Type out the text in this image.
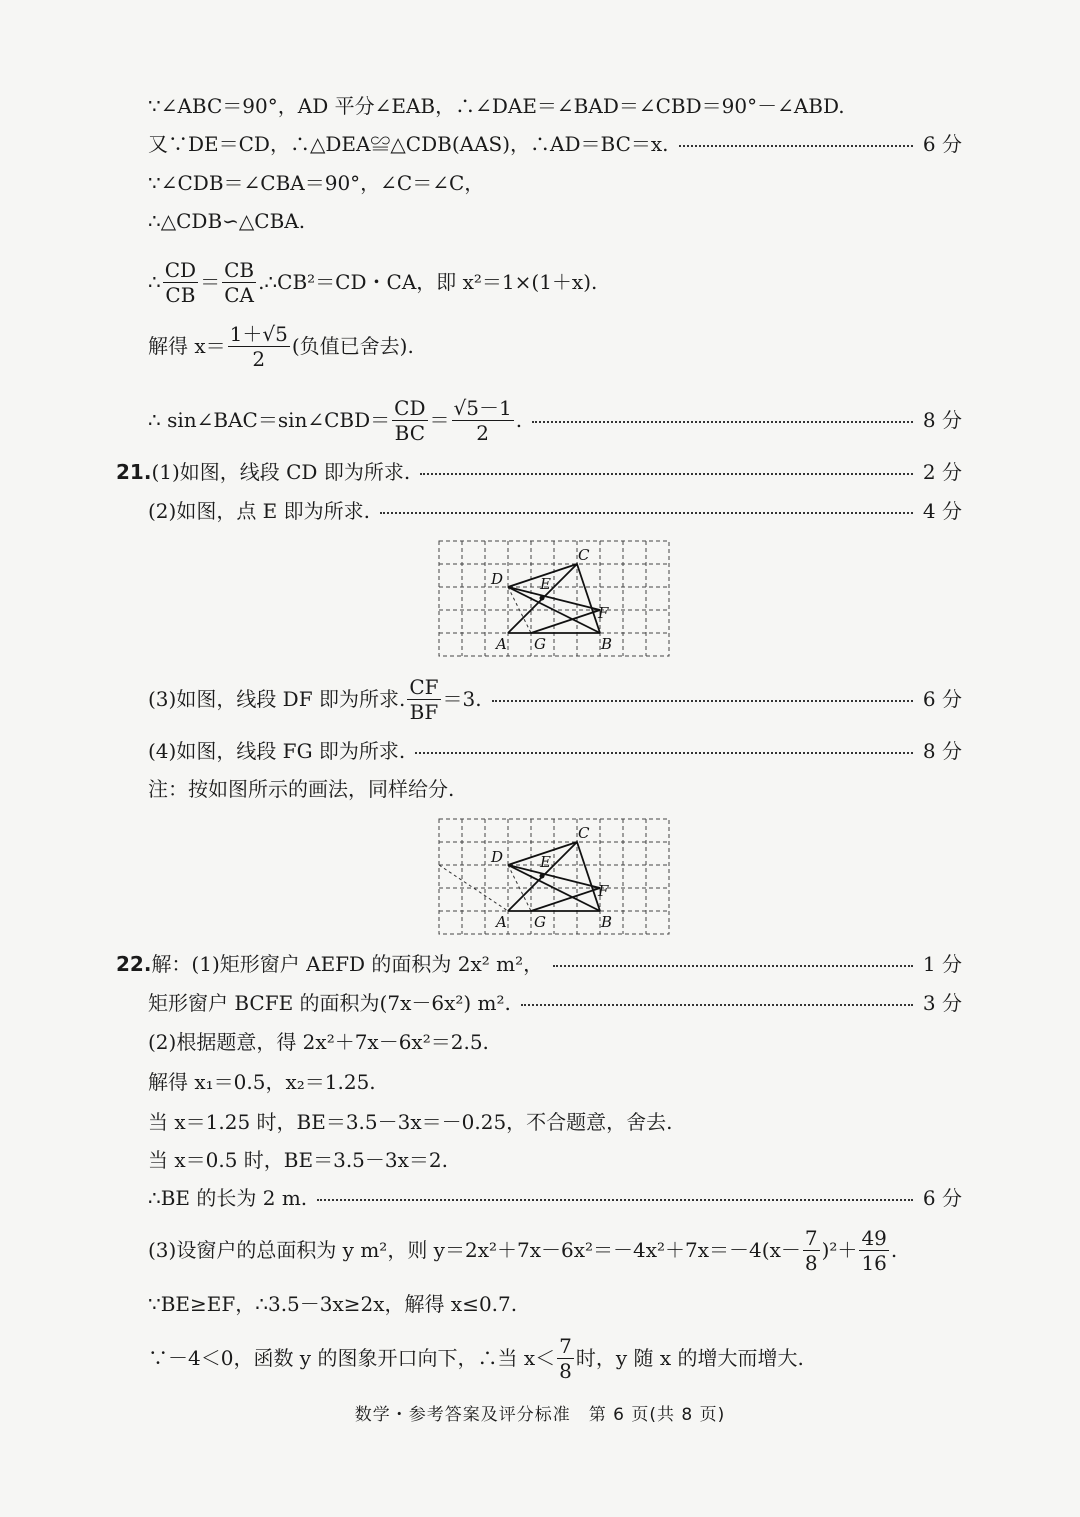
∵∠ABC＝90°，AD 平分∠EAB，∴∠DAE＝∠BAD＝∠CBD＝90°－∠ABD.
又∵DE＝CD，∴△DEA≌△CDB(AAS)，∴AD＝BC＝x.	6 分
∵∠CDB＝∠CBA＝90°，∠C＝∠C，
∴△CDB∽△CBA.
∴ $\frac{CD}{CB} = \frac{CB}{CA}$ .∴CB²＝CD・CA，即 x²＝1×(1＋x).
解得 $x= \frac{1+√5}{2}$ (负值已舍去).
∴ sin∠BAC＝sin∠CBD＝ $\frac{CD}{BC} = \frac{√5-1}{2}$ .	8 分
21. (1)如图，线段 CD 即为所求.	2 分
(2)如图，点 E 即为所求.	4 分
C
D E
F
A G	B
(3)如图，线段 DF 即为所求. $\frac{CF}{BF} =3$.	6 分
(4)如图，线段 FG 即为所求.	8 分
注：按如图所示的画法，同样给分.
C
D E
F
A G	B
22. 解：(1)矩形窗户 AEFD 的面积为 2x² m²，	1 分
矩形窗户 BCFE 的面积为(7x－6x²) m².	3 分
(2)根据题意，得 2x²＋7x－6x²＝2.5.
解得 x₁＝0.5，x₂＝1.25.
当 x＝1.25 时，BE＝3.5－3x＝－0.25，不合题意，舍去.
当 x＝0.5 时，BE＝3.5－3x＝2.
∴BE 的长为 2 m.	6 分
(3)设窗户的总面积为 y m²，则 $y=2x^2+7x-6x^2=-4x^2+7x=-4(x- \frac{7}{8} )^2+ \frac{49}{16}$ .
∵BE≥EF，∴3.5－3x≥2x，解得 x≤0.7.
∵－4＜0，函数 y 的图象开口向下，∴当 $x< \frac{7}{8}$ 时，y 随 x 的增大而增大.
数学・参考答案及评分标准　第 6 页(共 8 页)
